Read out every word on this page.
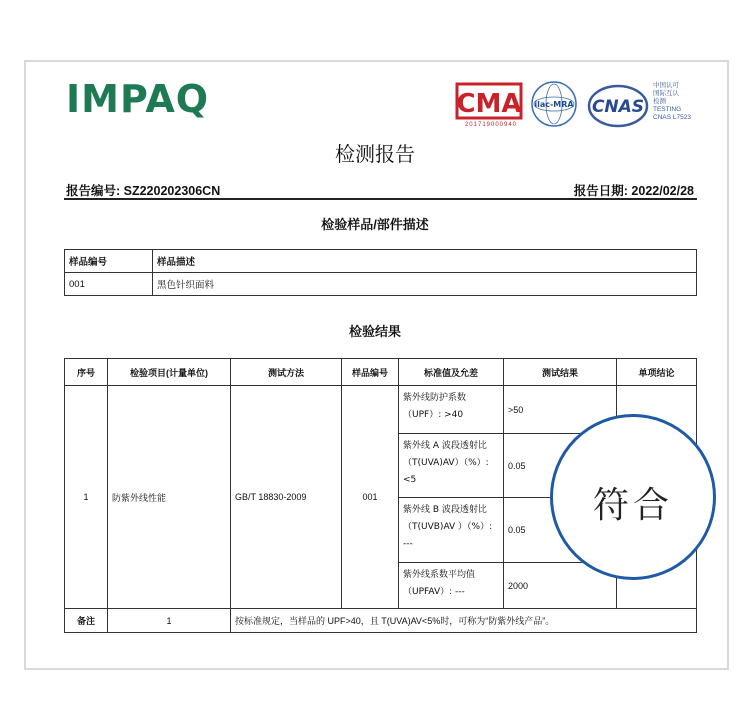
IMPAQ	CMA
201719000940
ilac-MRA CNAS
中国认可
国际互认
检测
TESTING
CNAS L7523
检测报告
报告编号: SZ220202306CN	报告日期: 2022/02/28
检验样品/部件描述
样品编号	样品描述
001	黑色针织面料
检验结果
序号	检验项目(计量单位)	测试方法	样品编号	标准值及允差	测试结果	单项结论
1	防紫外线性能	GB/T 18830-2009	001	紫外线防护系数
（UPF）: >40	>50	

				紫外线 A 波段透射比
（T(UVA)AV）（%）:
<5	0.05	

				紫外线 B 波段透射比
（T(UVB)AV ）（%）:
---	0.05	

				紫外线系数平均值
（UPFAV）: ---	2000	
备注	1	按标准规定，当样品的 UPF>40，且 T(UVA)AV<5%时，可称为“防紫外线产品”。				
符合
